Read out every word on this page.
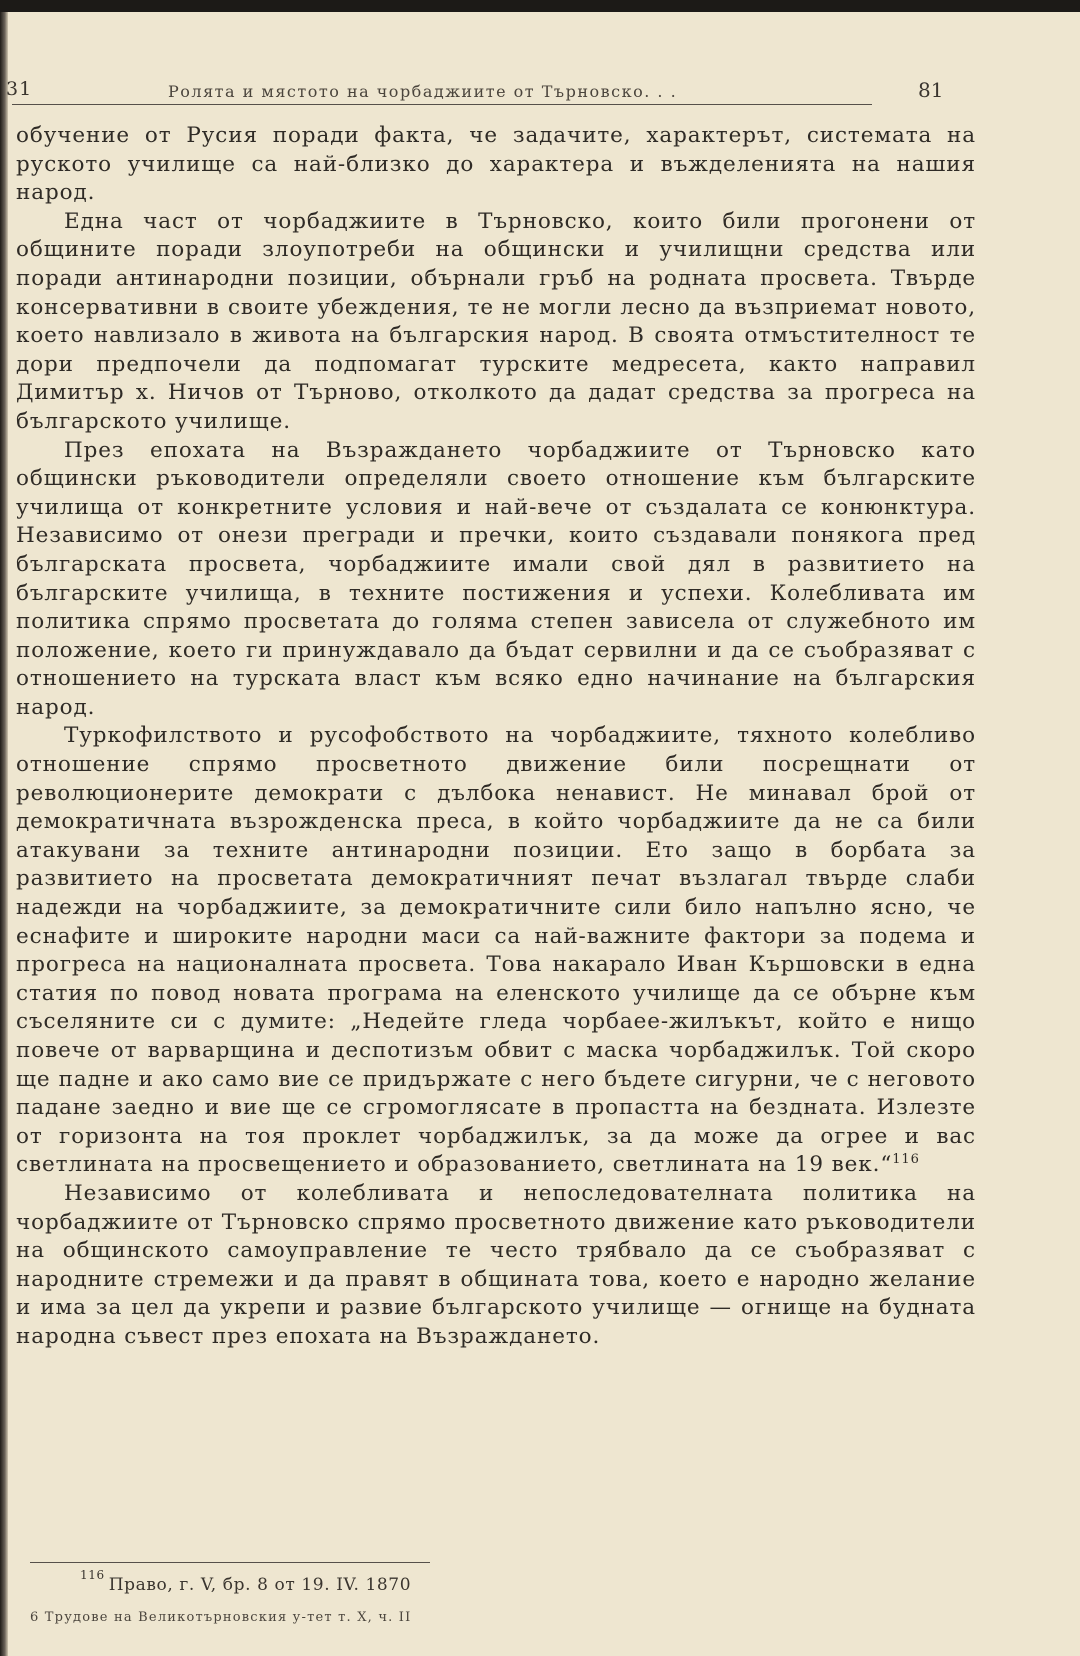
31	Ролята и мястото на чорбаджиите от Търновско. . .	81

обучение от Русия поради факта, че задачите, характерът, системата на руското училище са най-близко до характера и въжделенията на нашия народ.

Една част от чорбаджиите в Търновско, които били прогонени от общините поради злоупотреби на общински и училищни средства или поради антинародни позиции, обърнали гръб на родната просвета. Твърде консервативни в своите убеждения, те не могли лесно да възприемат новото, което навлизало в живота на българския народ. В своята отмъстителност те дори предпочели да подпомагат турските медресета, както направил Димитър х. Ничов от Търново, отколкото да дадат средства за прогреса на българското училище.

През епохата на Възраждането чорбаджиите от Търновско като общински ръководители определяли своето отношение към българските училища от конкретните условия и най-вече от създалата се конюнктура. Независимо от онези прегради и пречки, които създавали понякога пред българската просвета, чорбаджиите имали свой дял в развитието на българските училища, в техните постижения и успехи. Колебливата им политика спрямо просветата до голяма степен зависела от служебното им положение, което ги принуждавало да бъдат сервилни и да се съобразяват с отношението на турската власт към всяко едно начинание на българския народ.

Туркофилството и русофобството на чорбаджиите, тяхното колебливо отношение спрямо просветното движение били посрещнати от революционерите демократи с дълбока ненавист. Не минавал брой от демократичната възрожденска преса, в който чорбаджиите да не са били атакувани за техните антинародни позиции. Ето защо в борбата за развитието на просветата демократичният печат възлагал твърде слаби надежди на чорбаджиите, за демократичните сили било напълно ясно, че еснафите и широките народни маси са най-важните фактори за подема и прогреса на националната просвета. Това накарало Иван Кършовски в една статия по повод новата програма на еленското училище да се обърне към съселяните си с думите: „Недейте гледа чорбаее-жилъкът, който е нищо повече от варварщина и деспотизъм обвит с маска чорбаджилък. Той скоро ще падне и ако само вие се придържате с него бъдете сигурни, че с неговото падане заедно и вие ще се сгромоглясате в пропастта на бездната. Излезте от горизонта на тоя проклет чорбаджилък, за да може да огрее и вас светлината на просвещението и образованието, светлината на 19 век.“$^{116}$

Независимо от колебливата и непоследователната политика на чорбаджиите от Търновско спрямо просветното движение като ръководители на общинското самоуправление те често трябвало да се съобразяват с народните стремежи и да правят в общината това, което е народно желание и има за цел да укрепи и развие българското училище — огнище на будната народна съвест през епохата на Възраждането.

$^{116}$ Право, г. V, бр. 8 от 19. IV. 1870
6 Трудове на Великотърновския у-тет т. X, ч. II
